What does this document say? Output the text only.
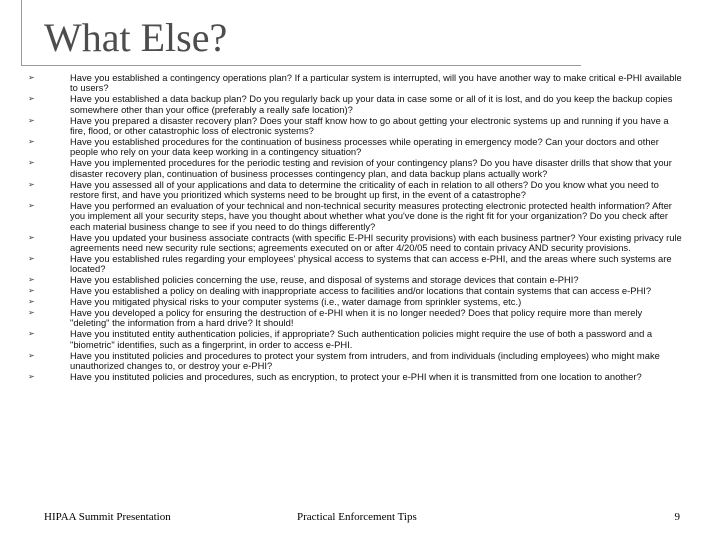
What Else?
➢	Have you established a contingency operations plan? If a particular system is interrupted, will you have another way to make critical e-PHI available to users?
➢	Have you established a data backup plan? Do you regularly back up your data in case some or all of it is lost, and do you keep the backup copies somewhere other than your office (preferably a really safe location)?
➢	Have you prepared a disaster recovery plan? Does your staff know how to go about getting your electronic systems up and running if you have a fire, flood, or other catastrophic loss of electronic systems?
➢	Have you established procedures for the continuation of business processes while operating in emergency mode? Can your doctors and other people who rely on your data keep working in a contingency situation?
➢	Have you implemented procedures for the periodic testing and revision of your contingency plans? Do you have disaster drills that show that your disaster recovery plan, continuation of business processes contingency plan, and data backup plans actually work?
➢	Have you assessed all of your applications and data to determine the criticality of each in relation to all others? Do you know what you need to restore first, and have you prioritized which systems need to be brought up first, in the event of a catastrophe?
➢	Have you performed an evaluation of your technical and non-technical security measures protecting electronic protected health information? After you implement all your security steps, have you thought about whether what you've done is the right fit for your organization? Do you check after each material business change to see if you need to do things differently?
➢	Have you updated your business associate contracts (with specific E-PHI security provisions) with each business partner? Your existing privacy rule agreements need new security rule sections; agreements executed on or after 4/20/05 need to contain privacy AND security provisions.
➢	Have you established rules regarding your employees' physical access to systems that can access e-PHI, and the areas where such systems are located?
➢	Have you established policies concerning the use, reuse, and disposal of systems and storage devices that contain e-PHI?
➢	Have you established a policy on dealing with inappropriate access to facilities and/or locations that contain systems that can access e-PHI?
➢	Have you mitigated physical risks to your computer systems (i.e., water damage from sprinkler systems, etc.)
➢	Have you developed a policy for ensuring the destruction of e-PHI when it is no longer needed? Does that policy require more than merely "deleting" the information from a hard drive? It should!
➢	Have you instituted entity authentication policies, if appropriate? Such authentication policies might require the use of both a password and a "biometric" identifies, such as a fingerprint, in order to access e-PHI.
➢	Have you instituted policies and procedures to protect your system from intruders, and from individuals (including employees) who might make unauthorized changes to, or destroy your e-PHI?
➢	Have you instituted policies and procedures, such as encryption, to protect your e-PHI when it is transmitted from one location to another?
HIPAA Summit Presentation	Practical Enforcement Tips	9
